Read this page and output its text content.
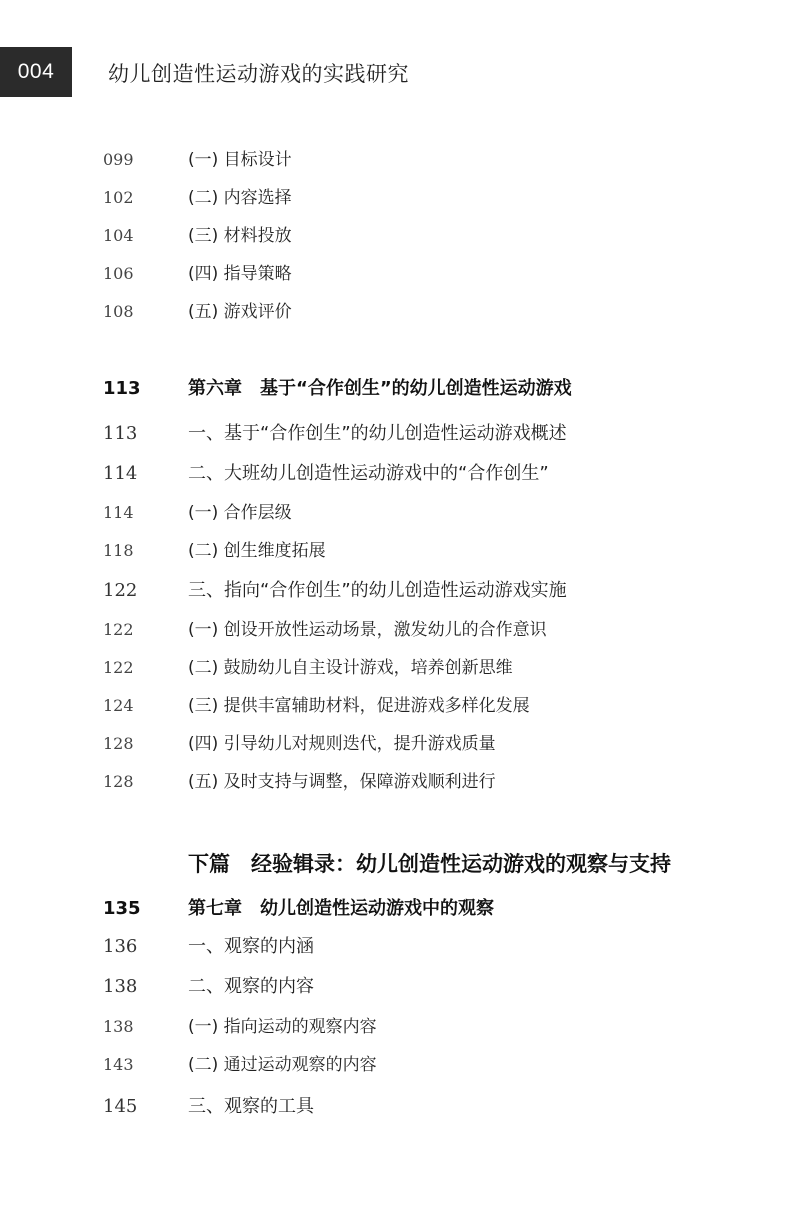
004	幼儿创造性运动游戏的实践研究
099	(一) 目标设计
102	(二) 内容选择
104	(三) 材料投放
106	(四) 指导策略
108	(五) 游戏评价
113	第六章　基于“合作创生”的幼儿创造性运动游戏
113	一、基于“合作创生”的幼儿创造性运动游戏概述
114	二、大班幼儿创造性运动游戏中的“合作创生”
114	(一) 合作层级
118	(二) 创生维度拓展
122	三、指向“合作创生”的幼儿创造性运动游戏实施
122	(一) 创设开放性运动场景，激发幼儿的合作意识
122	(二) 鼓励幼儿自主设计游戏，培养创新思维
124	(三) 提供丰富辅助材料，促进游戏多样化发展
128	(四) 引导幼儿对规则迭代，提升游戏质量
128	(五) 及时支持与调整，保障游戏顺利进行
下篇　经验辑录：幼儿创造性运动游戏的观察与支持
135	第七章　幼儿创造性运动游戏中的观察
136	一、观察的内涵
138	二、观察的内容
138	(一) 指向运动的观察内容
143	(二) 通过运动观察的内容
145	三、观察的工具
